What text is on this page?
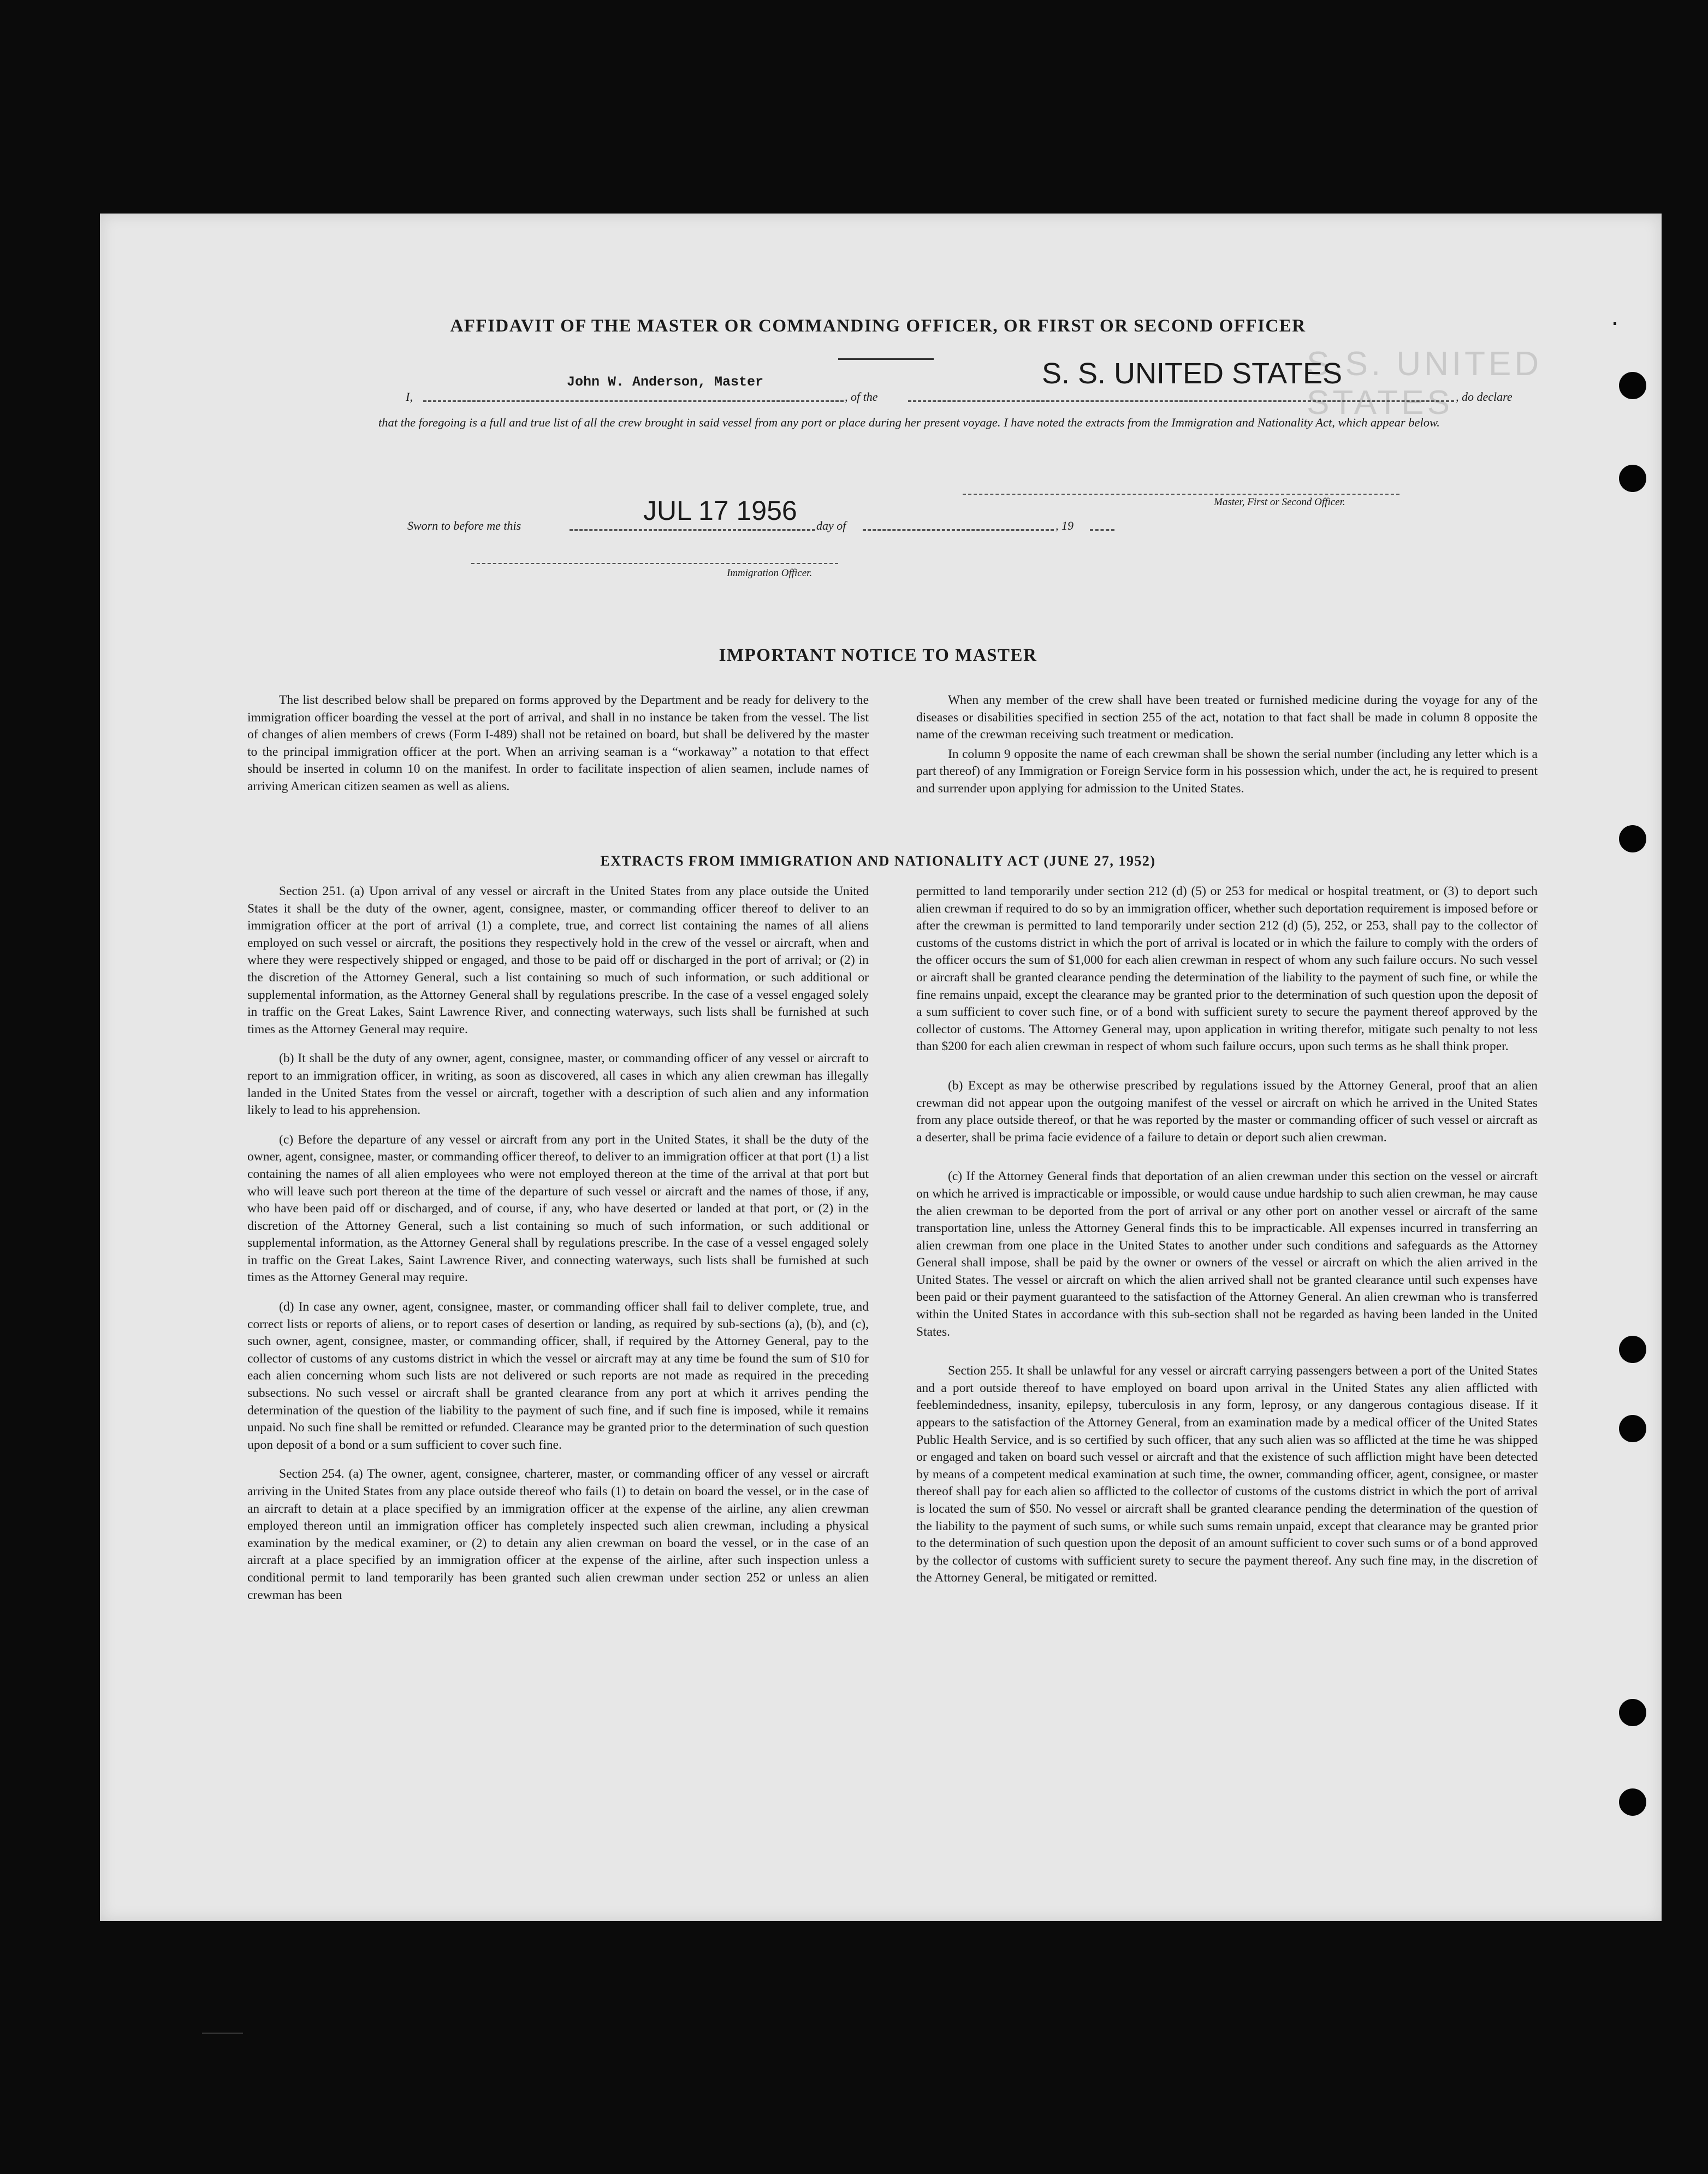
S.S. UNITED STATES
AFFIDAVIT OF THE MASTER OR COMMANDING OFFICER, OR FIRST OR SECOND OFFICER
I,
John W. Anderson, Master
, of the
S. S. UNITED STATES
, do declare
that the foregoing is a full and true list of all the crew brought in said vessel from any port or place during her present voyage. I have noted the extracts from the Immigration and Nationality Act, which appear below.
Master, First or Second Officer.
Sworn to before me this	JUL 17 1956 day of	, 19
Immigration Officer.
IMPORTANT NOTICE TO MASTER

The list described below shall be prepared on forms approved by the Department and be ready for delivery to the immigration officer boarding the vessel at the port of arrival, and shall in no instance be taken from the vessel. The list of changes of alien members of crews (Form I-489) shall not be retained on board, but shall be delivered by the master to the principal immigration officer at the port. When an arriving seaman is a “workaway” a notation to that effect should be inserted in column 10 on the manifest. In order to facilitate inspection of alien seamen, include names of arriving American citizen seamen as well as aliens.

When any member of the crew shall have been treated or furnished medicine during the voyage for any of the diseases or disabilities specified in section 255 of the act, notation to that fact shall be made in column 8 opposite the name of the crewman receiving such treatment or medication.

In column 9 opposite the name of each crewman shall be shown the serial number (including any letter which is a part thereof) of any Immigration or Foreign Service form in his possession which, under the act, he is required to present and surrender upon applying for admission to the United States.

EXTRACTS FROM IMMIGRATION AND NATIONALITY ACT (JUNE 27, 1952)

Section 251. (a) Upon arrival of any vessel or aircraft in the United States from any place outside the United States it shall be the duty of the owner, agent, consignee, master, or commanding officer thereof to deliver to an immigration officer at the port of arrival (1) a complete, true, and correct list containing the names of all aliens employed on such vessel or aircraft, the positions they respectively hold in the crew of the vessel or aircraft, when and where they were respectively shipped or engaged, and those to be paid off or discharged in the port of arrival; or (2) in the discretion of the Attorney General, such a list containing so much of such information, or such additional or supplemental information, as the Attorney General shall by regulations prescribe. In the case of a vessel engaged solely in traffic on the Great Lakes, Saint Lawrence River, and connecting waterways, such lists shall be furnished at such times as the Attorney General may require.

(b) It shall be the duty of any owner, agent, consignee, master, or commanding officer of any vessel or aircraft to report to an immigration officer, in writing, as soon as discovered, all cases in which any alien crewman has illegally landed in the United States from the vessel or aircraft, together with a description of such alien and any information likely to lead to his apprehension.

(c) Before the departure of any vessel or aircraft from any port in the United States, it shall be the duty of the owner, agent, consignee, master, or commanding officer thereof, to deliver to an immigration officer at that port (1) a list containing the names of all alien employees who were not employed thereon at the time of the arrival at that port but who will leave such port thereon at the time of the departure of such vessel or aircraft and the names of those, if any, who have been paid off or discharged, and of course, if any, who have deserted or landed at that port, or (2) in the discretion of the Attorney General, such a list containing so much of such information, or such additional or supplemental information, as the Attorney General shall by regulations prescribe. In the case of a vessel engaged solely in traffic on the Great Lakes, Saint Lawrence River, and connecting waterways, such lists shall be furnished at such times as the Attorney General may require.

(d) In case any owner, agent, consignee, master, or commanding officer shall fail to deliver complete, true, and correct lists or reports of aliens, or to report cases of desertion or landing, as required by sub-sections (a), (b), and (c), such owner, agent, consignee, master, or commanding officer, shall, if required by the Attorney General, pay to the collector of customs of any customs district in which the vessel or aircraft may at any time be found the sum of $10 for each alien concerning whom such lists are not delivered or such reports are not made as required in the preceding subsections. No such vessel or aircraft shall be granted clearance from any port at which it arrives pending the determination of the question of the liability to the payment of such fine, and if such fine is imposed, while it remains unpaid. No such fine shall be remitted or refunded. Clearance may be granted prior to the determination of such question upon deposit of a bond or a sum sufficient to cover such fine.

Section 254. (a) The owner, agent, consignee, charterer, master, or commanding officer of any vessel or aircraft arriving in the United States from any place outside thereof who fails (1) to detain on board the vessel, or in the case of an aircraft to detain at a place specified by an immigration officer at the expense of the airline, any alien crewman employed thereon until an immigration officer has completely inspected such alien crewman, including a physical examination by the medical examiner, or (2) to detain any alien crewman on board the vessel, or in the case of an aircraft at a place specified by an immigration officer at the expense of the airline, after such inspection unless a conditional permit to land temporarily has been granted such alien crewman under section 252 or unless an alien crewman has been

permitted to land temporarily under section 212 (d) (5) or 253 for medical or hospital treatment, or (3) to deport such alien crewman if required to do so by an immigration officer, whether such deportation requirement is imposed before or after the crewman is permitted to land temporarily under section 212 (d) (5), 252, or 253, shall pay to the collector of customs of the customs district in which the port of arrival is located or in which the failure to comply with the orders of the officer occurs the sum of $1,000 for each alien crewman in respect of whom any such failure occurs. No such vessel or aircraft shall be granted clearance pending the determination of the liability to the payment of such fine, or while the fine remains unpaid, except the clearance may be granted prior to the determination of such question upon the deposit of a sum sufficient to cover such fine, or of a bond with sufficient surety to secure the payment thereof approved by the collector of customs. The Attorney General may, upon application in writing therefor, mitigate such penalty to not less than $200 for each alien crewman in respect of whom such failure occurs, upon such terms as he shall think proper.

(b) Except as may be otherwise prescribed by regulations issued by the Attorney General, proof that an alien crewman did not appear upon the outgoing manifest of the vessel or aircraft on which he arrived in the United States from any place outside thereof, or that he was reported by the master or commanding officer of such vessel or aircraft as a deserter, shall be prima facie evidence of a failure to detain or deport such alien crewman.

(c) If the Attorney General finds that deportation of an alien crewman under this section on the vessel or aircraft on which he arrived is impracticable or impossible, or would cause undue hardship to such alien crewman, he may cause the alien crewman to be deported from the port of arrival or any other port on another vessel or aircraft of the same transportation line, unless the Attorney General finds this to be impracticable. All expenses incurred in transferring an alien crewman from one place in the United States to another under such conditions and safeguards as the Attorney General shall impose, shall be paid by the owner or owners of the vessel or aircraft on which the alien arrived in the United States. The vessel or aircraft on which the alien arrived shall not be granted clearance until such expenses have been paid or their payment guaranteed to the satisfaction of the Attorney General. An alien crewman who is transferred within the United States in accordance with this sub-section shall not be regarded as having been landed in the United States.

Section 255. It shall be unlawful for any vessel or aircraft carrying passengers between a port of the United States and a port outside thereof to have employed on board upon arrival in the United States any alien afflicted with feeblemindedness, insanity, epilepsy, tuberculosis in any form, leprosy, or any dangerous contagious disease. If it appears to the satisfaction of the Attorney General, from an examination made by a medical officer of the United States Public Health Service, and is so certified by such officer, that any such alien was so afflicted at the time he was shipped or engaged and taken on board such vessel or aircraft and that the existence of such affliction might have been detected by means of a competent medical examination at such time, the owner, commanding officer, agent, consignee, or master thereof shall pay for each alien so afflicted to the collector of customs of the customs district in which the port of arrival is located the sum of $50. No vessel or aircraft shall be granted clearance pending the determination of the question of the liability to the payment of such sums, or while such sums remain unpaid, except that clearance may be granted prior to the determination of such question upon the deposit of an amount sufficient to cover such sums or of a bond approved by the collector of customs with sufficient surety to secure the payment thereof. Any such fine may, in the discretion of the Attorney General, be mitigated or remitted.
